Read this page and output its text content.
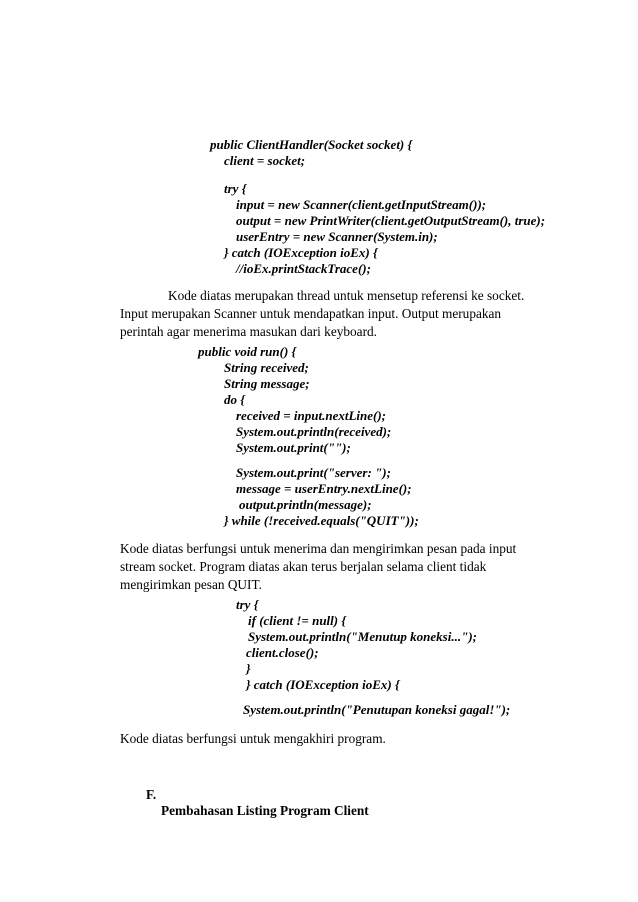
public ClientHandler(Socket socket) {
client = socket;
try {
input = new Scanner(client.getInputStream());
output = new PrintWriter(client.getOutputStream(), true);
userEntry = new Scanner(System.in);
} catch (IOException ioEx) {
//ioEx.printStackTrace();

Kode diatas merupakan thread untuk mensetup referensi ke socket. Input merupakan Scanner untuk mendapatkan input. Output merupakan perintah agar menerima masukan dari keyboard.

public void run() {
String received;
String message;
do {
received = input.nextLine();
System.out.println(received);
System.out.print("");
System.out.print("server: ");
message = userEntry.nextLine();
output.println(message);
} while (!received.equals("QUIT"));

Kode diatas berfungsi untuk menerima dan mengirimkan pesan pada input stream socket. Program diatas akan terus berjalan selama client tidak mengirimkan pesan QUIT.

try {
if (client != null) {
System.out.println("Menutup koneksi...");
client.close();
}
} catch (IOException ioEx) {
System.out.println("Penutupan koneksi gagal!");

Kode diatas berfungsi untuk mengakhiri program.

F.

Pembahasan Listing Program Client
